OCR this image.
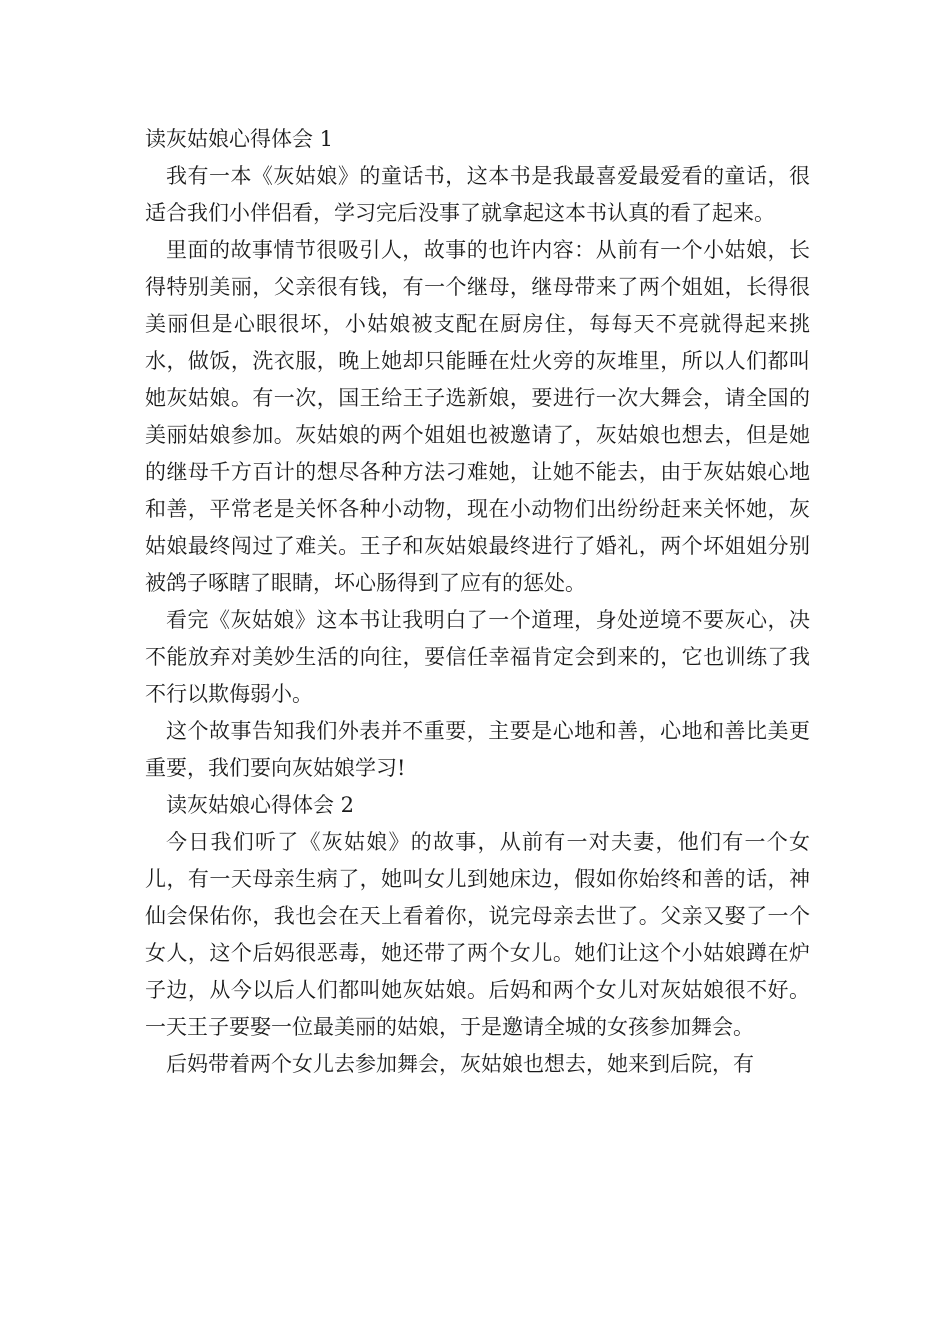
读灰姑娘心得体会 1

我有一本《灰姑娘》的童话书，这本书是我最喜爱最爱看的童话，很适合我们小伴侣看，学习完后没事了就拿起这本书认真的看了起来。

里面的故事情节很吸引人，故事的也许内容：从前有一个小姑娘，长得特别美丽，父亲很有钱，有一个继母，继母带来了两个姐姐，长得很美丽但是心眼很坏，小姑娘被支配在厨房住，每每天不亮就得起来挑水，做饭，洗衣服，晚上她却只能睡在灶火旁的灰堆里，所以人们都叫她灰姑娘。有一次，国王给王子选新娘，要进行一次大舞会，请全国的美丽姑娘参加。灰姑娘的两个姐姐也被邀请了，灰姑娘也想去，但是她的继母千方百计的想尽各种方法刁难她，让她不能去，由于灰姑娘心地和善，平常老是关怀各种小动物，现在小动物们出纷纷赶来关怀她，灰姑娘最终闯过了难关。王子和灰姑娘最终进行了婚礼，两个坏姐姐分别被鸽子啄瞎了眼睛，坏心肠得到了应有的惩处。

看完《灰姑娘》这本书让我明白了一个道理，身处逆境不要灰心，决不能放弃对美妙生活的向往，要信任幸福肯定会到来的，它也训练了我不行以欺侮弱小。

这个故事告知我们外表并不重要，主要是心地和善，心地和善比美更重要，我们要向灰姑娘学习!

读灰姑娘心得体会 2

今日我们听了《灰姑娘》的故事，从前有一对夫妻，他们有一个女儿，有一天母亲生病了，她叫女儿到她床边，假如你始终和善的话，神仙会保佑你，我也会在天上看着你，说完母亲去世了。父亲又娶了一个女人，这个后妈很恶毒，她还带了两个女儿。她们让这个小姑娘蹲在炉子边，从今以后人们都叫她灰姑娘。后妈和两个女儿对灰姑娘很不好。一天王子要娶一位最美丽的姑娘，于是邀请全城的女孩参加舞会。

后妈带着两个女儿去参加舞会，灰姑娘也想去，她来到后院，有
